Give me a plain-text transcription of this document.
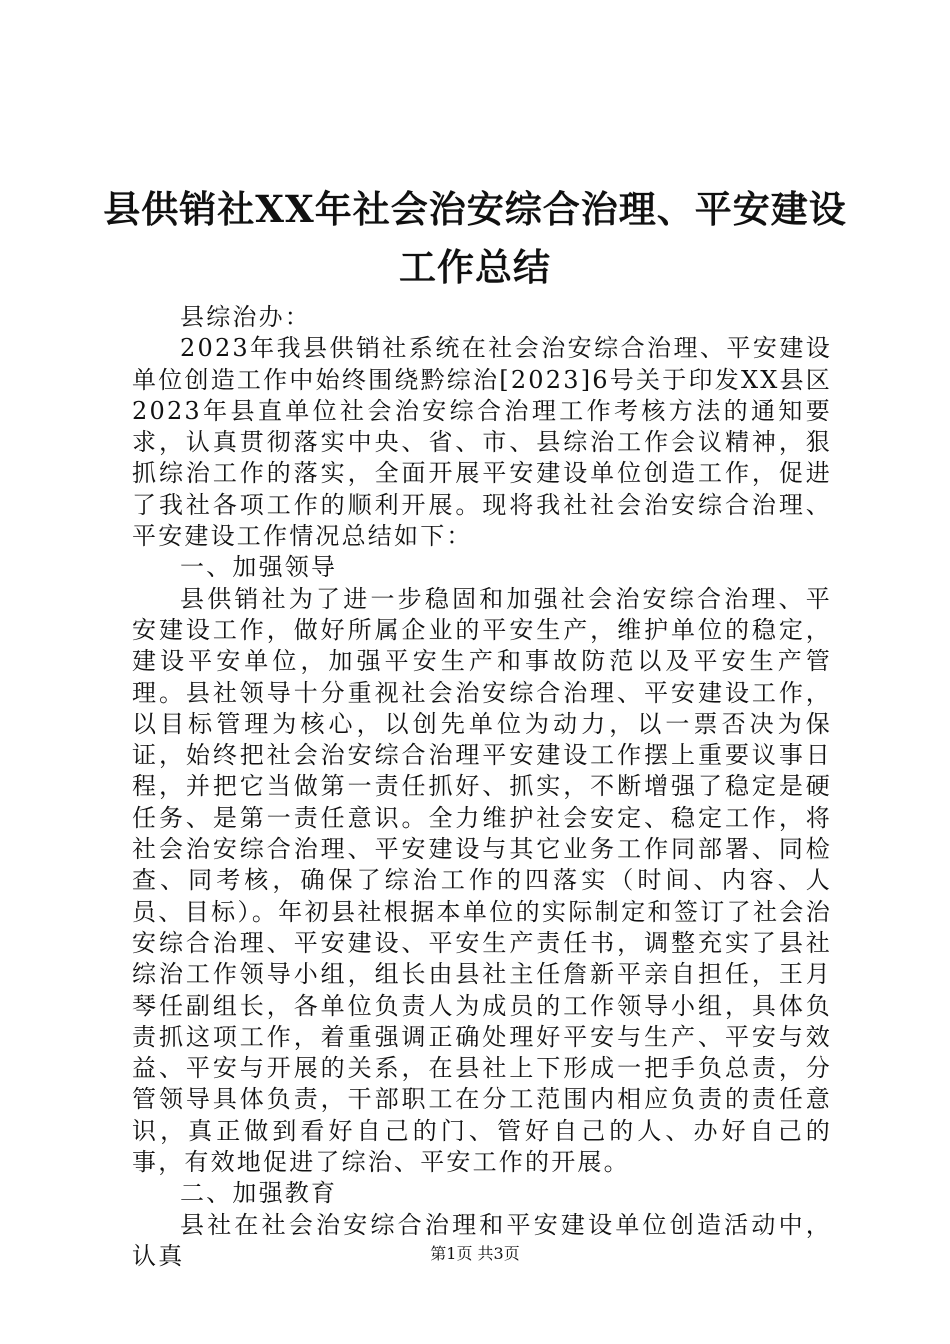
县供销社XX年社会治安综合治理、平安建设
工作总结

县综治办：

2023年我县供销社系统在社会治安综合治理、平安建设单位创造工作中始终围绕黔综治[2023]6号关于印发XX县区2023年县直单位社会治安综合治理工作考核方法的通知要求，认真贯彻落实中央、省、市、县综治工作会议精神，狠抓综治工作的落实，全面开展平安建设单位创造工作，促进了我社各项工作的顺利开展。现将我社社会治安综合治理、平安建设工作情况总结如下：

一、加强领导

县供销社为了进一步稳固和加强社会治安综合治理、平安建设工作，做好所属企业的平安生产，维护单位的稳定，建设平安单位，加强平安生产和事故防范以及平安生产管理。县社领导十分重视社会治安综合治理、平安建设工作，以目标管理为核心，以创先单位为动力，以一票否决为保证，始终把社会治安综合治理平安建设工作摆上重要议事日程，并把它当做第一责任抓好、抓实，不断增强了稳定是硬任务、是第一责任意识。全力维护社会安定、稳定工作，将社会治安综合治理、平安建设与其它业务工作同部署、同检查、同考核，确保了综治工作的四落实（时间、内容、人员、目标）。年初县社根据本单位的实际制定和签订了社会治安综合治理、平安建设、平安生产责任书，调整充实了县社综治工作领导小组，组长由县社主任詹新平亲自担任，王月琴任副组长，各单位负责人为成员的工作领导小组，具体负责抓这项工作，着重强调正确处理好平安与生产、平安与效益、平安与开展的关系，在县社上下形成一把手负总责，分管领导具体负责，干部职工在分工范围内相应负责的责任意识，真正做到看好自己的门、管好自己的人、办好自己的事，有效地促进了综治、平安工作的开展。

二、加强教育

县社在社会治安综合治理和平安建设单位创造活动中，认真	第1页 共3页
